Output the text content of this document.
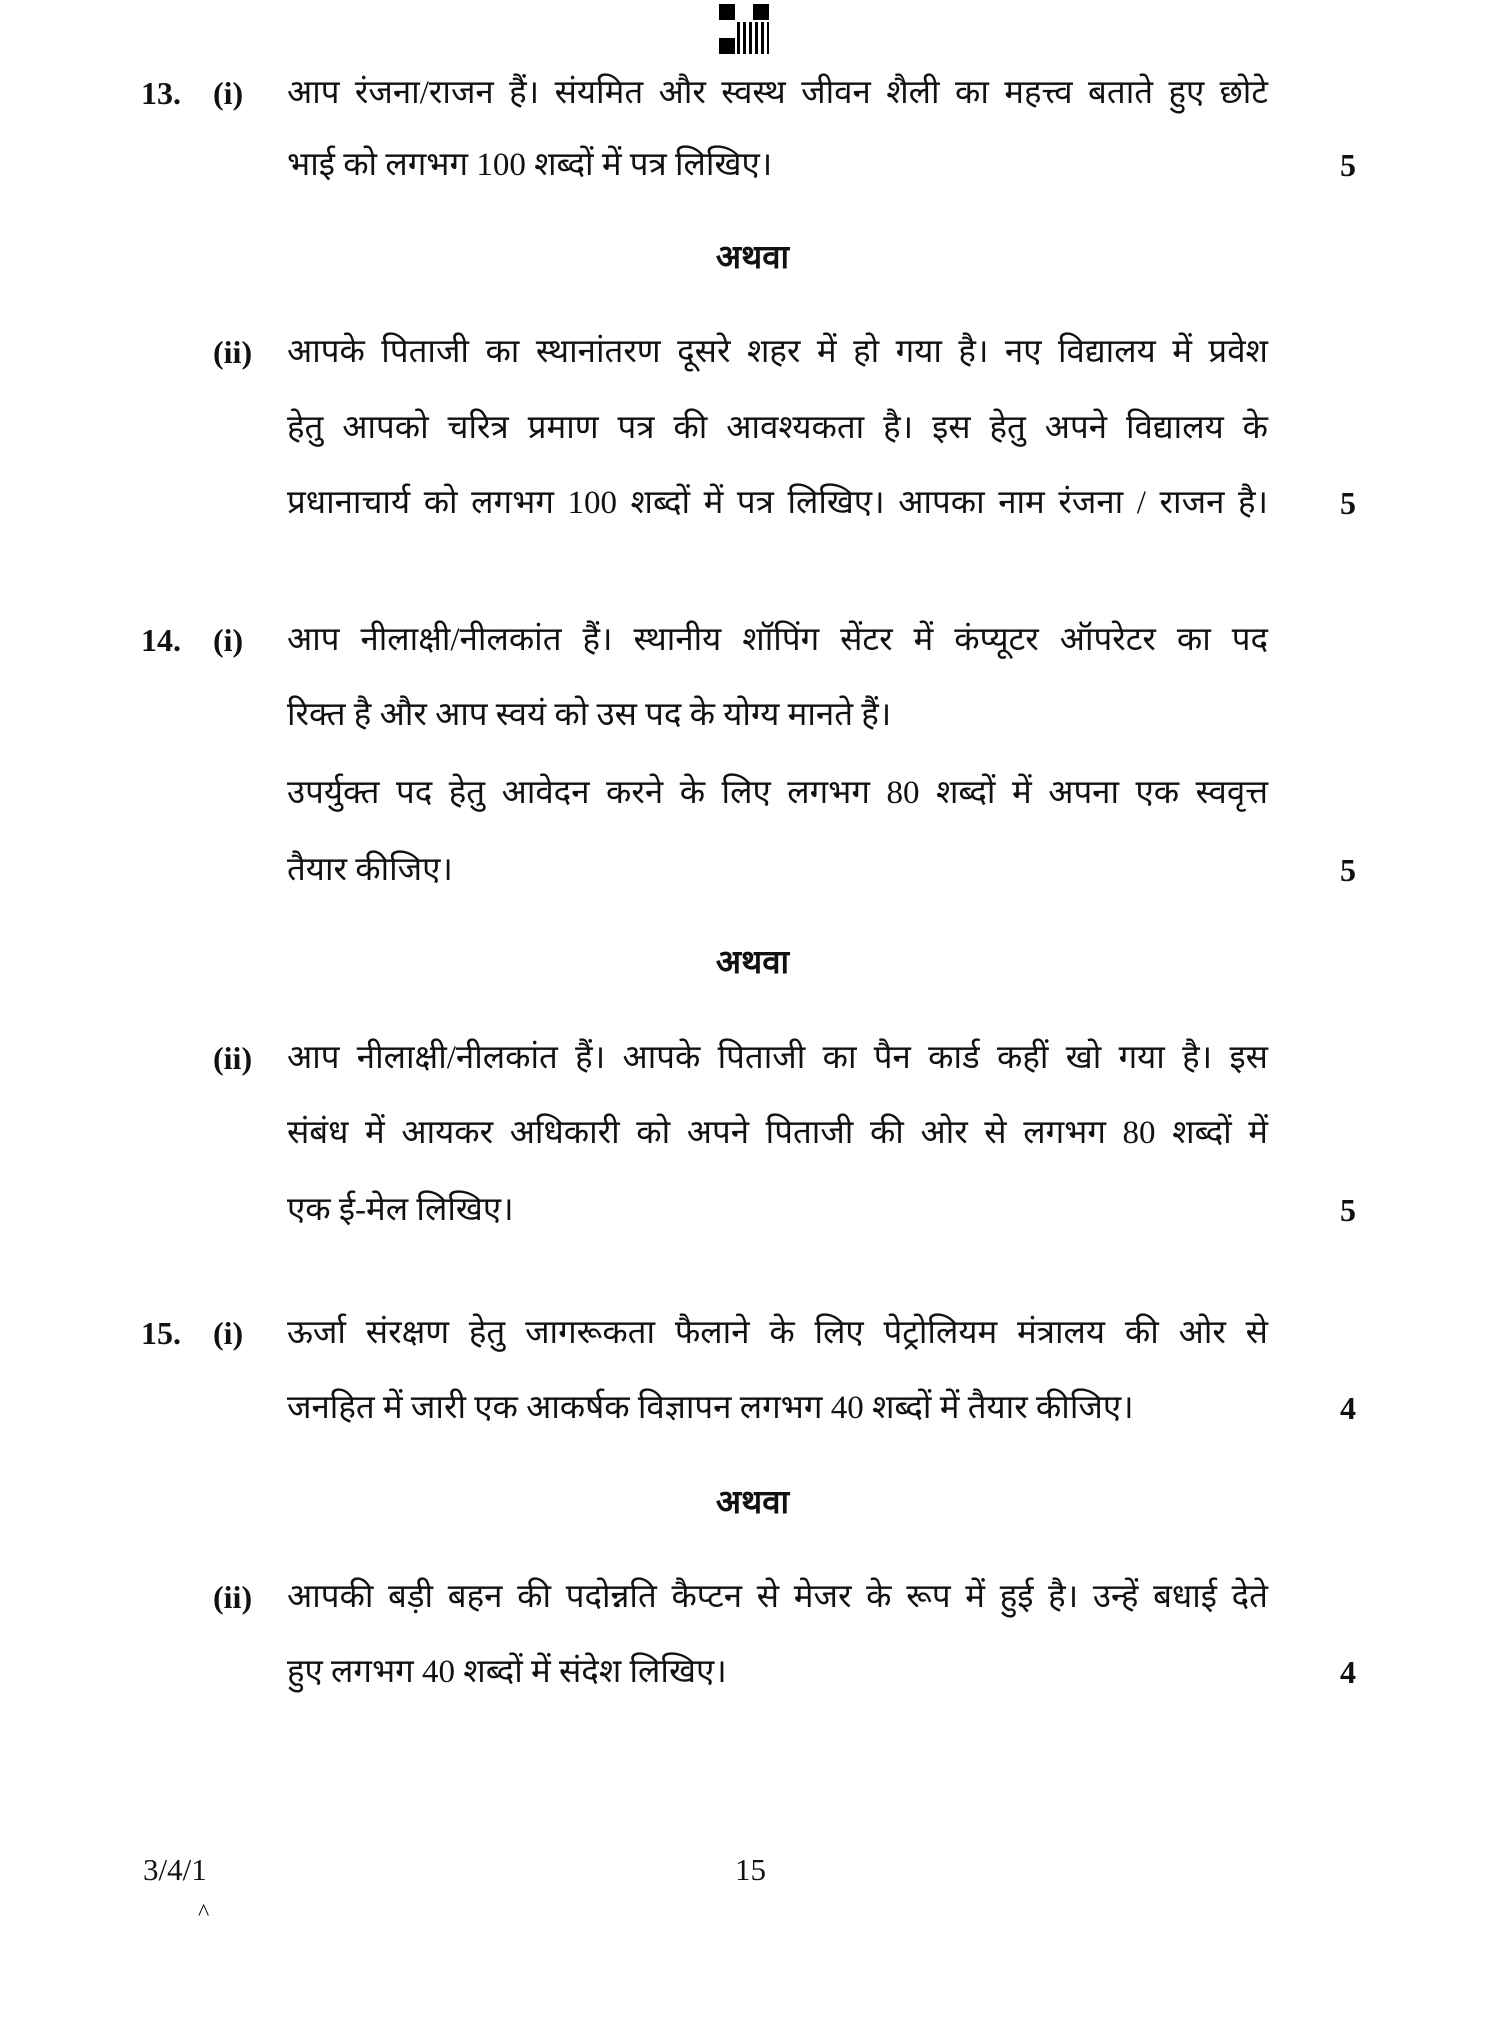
13. (i) आप रंजना/राजन हैं। संयमित और स्वस्थ जीवन शैली का महत्त्व बताते हुए छोटे
भाई को लगभग 100 शब्दों में पत्र लिखिए।	5
अथवा
(ii) आपके पिताजी का स्थानांतरण दूसरे शहर में हो गया है। नए विद्यालय में प्रवेश
हेतु आपको चरित्र प्रमाण पत्र की आवश्यकता है। इस हेतु अपने विद्यालय के
प्रधानाचार्य को लगभग 100 शब्दों में पत्र लिखिए। आपका नाम रंजना / राजन है। 5
14. (i) आप नीलाक्षी/नीलकांत हैं। स्थानीय शॉपिंग सेंटर में कंप्यूटर ऑपरेटर का पद
रिक्त है और आप स्वयं को उस पद के योग्य मानते हैं।
उपर्युक्त पद हेतु आवेदन करने के लिए लगभग 80 शब्दों में अपना एक स्ववृत्त
तैयार कीजिए।	5
अथवा
(ii) आप नीलाक्षी/नीलकांत हैं। आपके पिताजी का पैन कार्ड कहीं खो गया है। इस
संबंध में आयकर अधिकारी को अपने पिताजी की ओर से लगभग 80 शब्दों में
एक ई-मेल लिखिए।	5
15. (i) ऊर्जा संरक्षण हेतु जागरूकता फैलाने के लिए पेट्रोलियम मंत्रालय की ओर से
जनहित में जारी एक आकर्षक विज्ञापन लगभग 40 शब्दों में तैयार कीजिए।	4
अथवा
(ii) आपकी बड़ी बहन की पदोन्नति कैप्टन से मेजर के रूप में हुई है। उन्हें बधाई देते
हुए लगभग 40 शब्दों में संदेश लिखिए।	4
3/4/1	15
^
